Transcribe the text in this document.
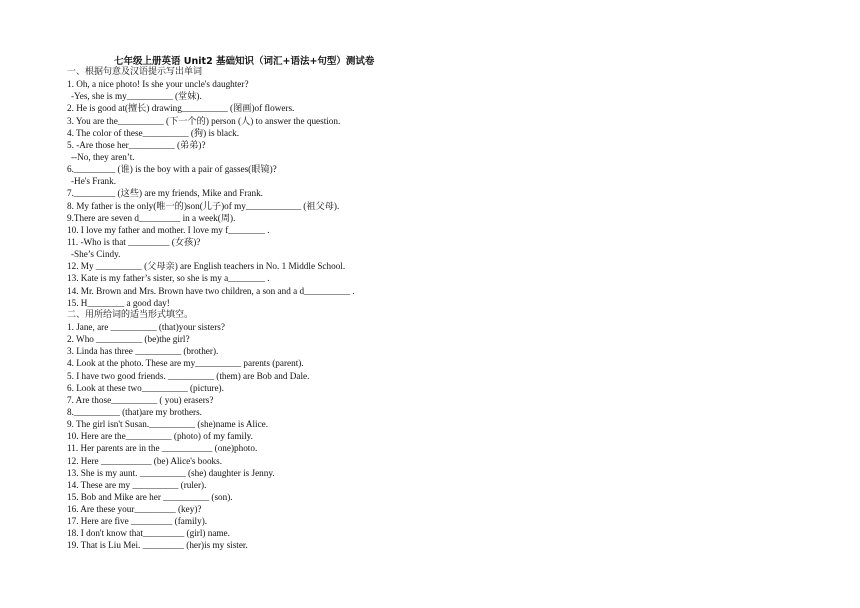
七年级上册英语 Unit2 基础知识（词汇+语法+句型）测试卷
一、根据句意及汉语提示写出单词
1. Oh, a nice photo! Is she your uncle's daughter?
-Yes, she is my__________ (堂妹).
2. He is good at(擅长) drawing__________ (图画)of flowers.
3. You are the__________ (下一个的) person (人) to answer the question.
4. The color of these__________ (狗) is black.
5. -Are those her__________ (弟弟)?
--No, they aren’t.
6._________ (谁) is the boy with a pair of gasses(眼镜)?
-He's Frank.
7._________ (这些) are my friends, Mike and Frank.
8. My father is the only(唯一的)son(儿子)of my____________ (祖父母).
9.There are seven d_________ in a week(周).
10. I love my father and mother. I love my f________ .
11. -Who is that _________ (女孩)?
-She’s Cindy.
12. My __________ (父母亲) are English teachers in No. 1 Middle School.
13. Kate is my father’s sister, so she is my a________ .
14. Mr. Brown and Mrs. Brown have two children, a son and a d__________ .
15. H________ a good day!
二、用所给词的适当形式填空。
1. Jane, are __________ (that)your sisters?
2. Who __________ (be)the girl?
3. Linda has three __________ (brother).
4. Look at the photo. These are my__________ parents (parent).
5. I have two good friends. __________ (them) are Bob and Dale.
6. Look at these two__________ (picture).
7. Are those__________ ( you) erasers?
8.__________ (that)are my brothers.
9. The girl isn't Susan.__________ (she)name is Alice.
10. Here are the__________ (photo) of my family.
11. Her parents are in the ___________ (one)photo.
12. Here ___________ (be) Alice's books.
13. She is my aunt. __________ (she) daughter is Jenny.
14. These are my __________ (ruler).
15. Bob and Mike are her __________ (son).
16. Are these your_________ (key)?
17. Here are five _________ (family).
18. I don't know that_________ (girl) name.
19. That is Liu Mei. _________ (her)is my sister.
